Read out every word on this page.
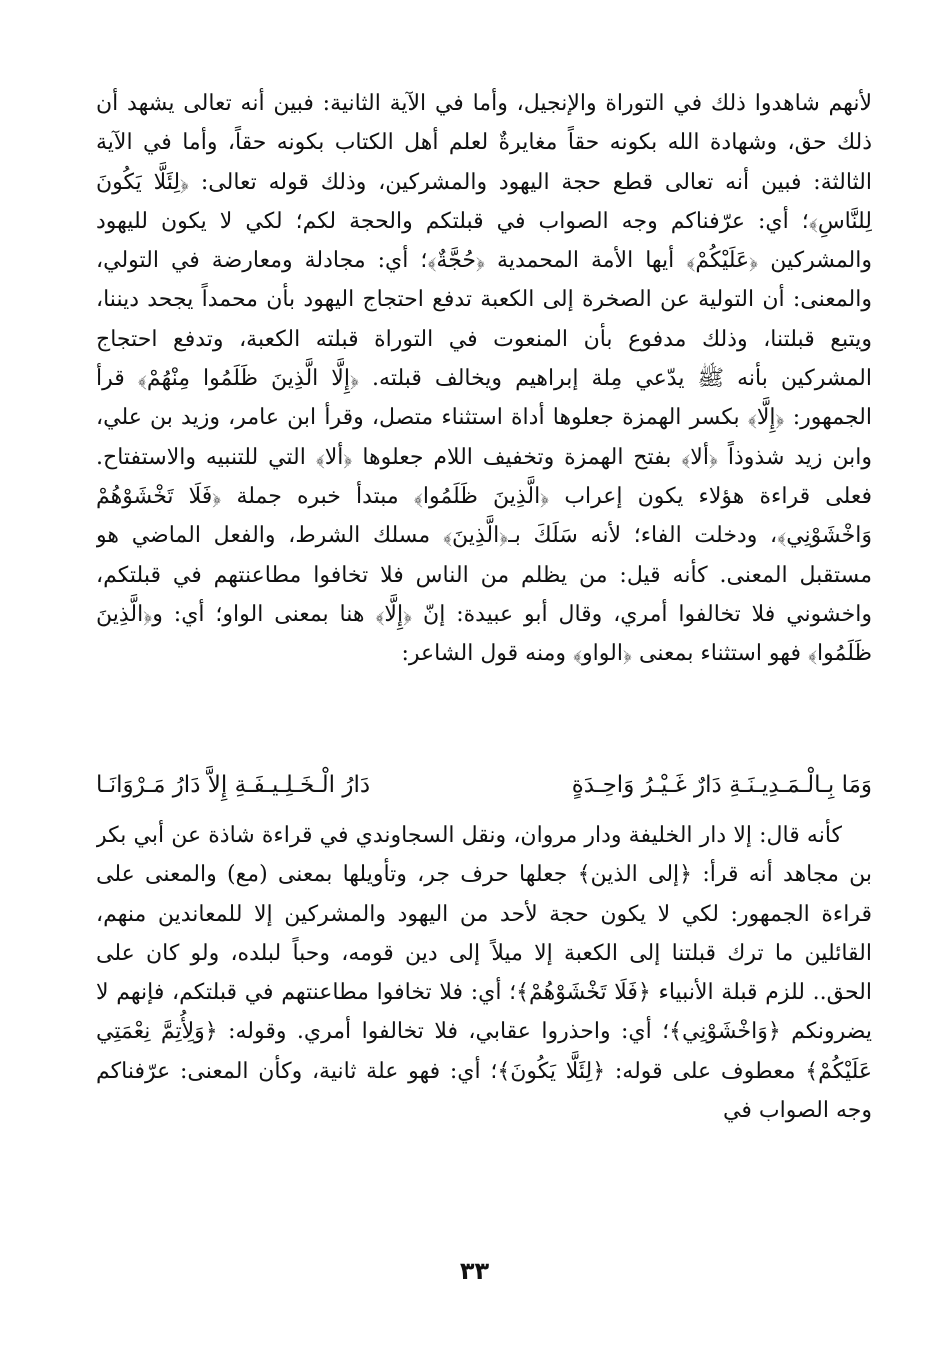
لأنهم شاهدوا ذلك في التوراة والإنجيل، وأما في الآية الثانية: فبين أنه تعالى يشهد أن ذلك حق، وشهادة الله بكونه حقاً مغايرةٌ لعلم أهل الكتاب بكونه حقاً، وأما في الآية الثالثة: فبين أنه تعالى قطع حجة اليهود والمشركين، وذلك قوله تعالى: ﴿لِئَلَّا يَكُونَ لِلنَّاسِ﴾؛ أي: عرّفناكم وجه الصواب في قبلتكم والحجة لكم؛ لكي لا يكون لليهود والمشركين ﴿عَلَيْكُمْ﴾ أيها الأمة المحمدية ﴿حُجَّةٌ﴾؛ أي: مجادلة ومعارضة في التولي، والمعنى: أن التولية عن الصخرة إلى الكعبة تدفع احتجاج اليهود بأن محمداً يجحد ديننا، ويتبع قبلتنا، وذلك مدفوع بأن المنعوت في التوراة قبلته الكعبة، وتدفع احتجاج المشركين بأنه ﷺ يدّعي مِلة إبراهيم ويخالف قبلته. ﴿إِلَّا الَّذِينَ ظَلَمُوا مِنْهُمْ﴾ قرأ الجمهور: ﴿إِلَّا﴾ بكسر الهمزة جعلوها أداة استثناء متصل، وقرأ ابن عامر، وزيد بن علي، وابن زيد شذوذاً ﴿ألا﴾ بفتح الهمزة وتخفيف اللام جعلوها ﴿ألا﴾ التي للتنبيه والاستفتاح. فعلى قراءة هؤلاء يكون إعراب ﴿الَّذِينَ ظَلَمُوا﴾ مبتدأ خبره جملة ﴿فَلَا تَخْشَوْهُمْ وَاخْشَوْنِي﴾، ودخلت الفاء؛ لأنه سَلَكَ بـ﴿الَّذِينَ﴾ مسلك الشرط، والفعل الماضي هو مستقبل المعنى. كأنه قيل: من يظلم من الناس فلا تخافوا مطاعنتهم في قبلتكم، واخشوني فلا تخالفوا أمري، وقال أبو عبيدة: إنّ ﴿إِلَّا﴾ هنا بمعنى الواو؛ أي: و﴿الَّذِينَ ظَلَمُوا﴾ فهو استثناء بمعنى ﴿الواو﴾ ومنه قول الشاعر:

وَمَا بِـالْـمَـدِيـنَـةِ دَارٌ غَـيْـرُ وَاحِـدَةٍ
دَارُ الْـخَـلِـيـفَـةِ إِلاَّ دَارُ مَـرْوَانَـا

كأنه قال: إلا دار الخليفة ودار مروان، ونقل السجاوندي في قراءة شاذة عن أبي بكر بن مجاهد أنه قرأ: ﴿إلى الذين﴾ جعلها حرف جر، وتأويلها بمعنى (مع) والمعنى على قراءة الجمهور: لكي لا يكون حجة لأحد من اليهود والمشركين إلا للمعاندين منهم، القائلين ما ترك قبلتنا إلى الكعبة إلا ميلاً إلى دين قومه، وحباً لبلده، ولو كان على الحق.. للزم قبلة الأنبياء ﴿فَلَا تَخْشَوْهُمْ﴾؛ أي: فلا تخافوا مطاعنتهم في قبلتكم، فإنهم لا يضرونكم ﴿وَاخْشَوْنِي﴾؛ أي: واحذروا عقابي، فلا تخالفوا أمري. وقوله: ﴿وَلِأُتِمَّ نِعْمَتِي عَلَيْكُمْ﴾ معطوف على قوله: ﴿لِئَلَّا يَكُونَ﴾؛ أي: فهو علة ثانية، وكأن المعنى: عرّفناكم وجه الصواب في

٣٣
